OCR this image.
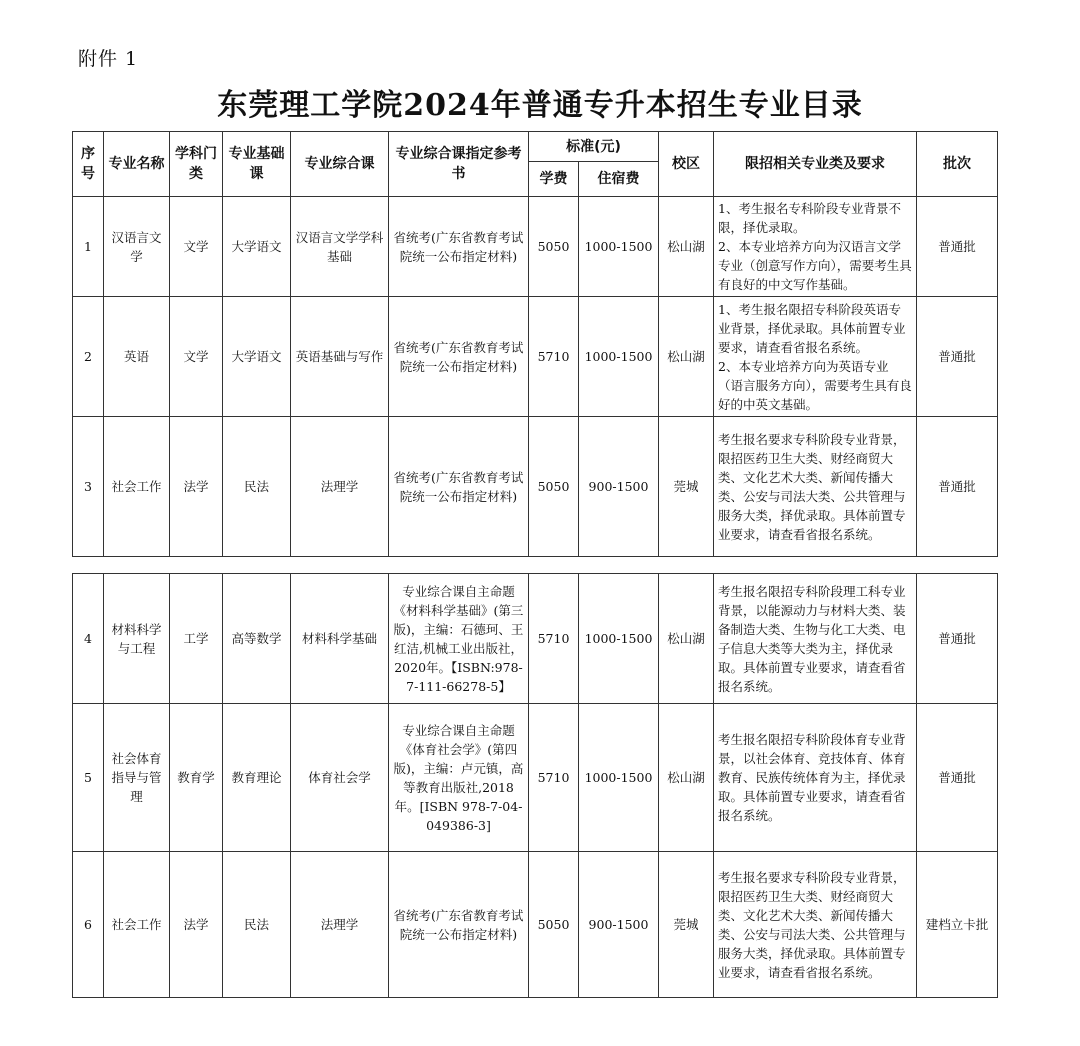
附件 1
东莞理工学院2024年普通专升本招生专业目录
序号	专业名称	学科门类	专业基础课	专业综合课	专业综合课指定参考书	标准(元)		校区	限招相关专业类及要求	批次
						学费	住宿费			
1	汉语言文学	文学	大学语文	汉语言文学学科基础	省统考(广东省教育考试院统一公布指定材料)	5050	1000-1500	松山湖	1、考生报名专科阶段专业背景不限，择优录取。
2、本专业培养方向为汉语言文学专业（创意写作方向），需要考生具有良好的中文写作基础。	普通批
2	英语	文学	大学语文	英语基础与写作	省统考(广东省教育考试院统一公布指定材料)	5710	1000-1500	松山湖	1、考生报名限招专科阶段英语专业背景，择优录取。具体前置专业要求，请查看省报名系统。
2、本专业培养方向为英语专业（语言服务方向），需要考生具有良好的中英文基础。	普通批
3	社会工作	法学	民法	法理学	省统考(广东省教育考试院统一公布指定材料)	5050	900-1500	莞城	考生报名要求专科阶段专业背景，限招医药卫生大类、财经商贸大类、文化艺术大类、新闻传播大类、公安与司法大类、公共管理与服务大类，择优录取。具体前置专业要求，请查看省报名系统。	普通批
4	材料科学与工程	工学	高等数学	材料科学基础	专业综合课自主命题《材料科学基础》(第三版)，主编：石德珂、王红洁,机械工业出版社，2020年。【ISBN:978-7-111-66278-5】	5710	1000-1500	松山湖	考生报名限招专科阶段理工科专业背景，以能源动力与材料大类、装备制造大类、生物与化工大类、电子信息大类等大类为主，择优录取。具体前置专业要求，请查看省报名系统。	普通批
5	社会体育指导与管理	教育学	教育理论	体育社会学	专业综合课自主命题《体育社会学》(第四版)，主编：卢元镇，高等教育出版社,2018年。[ISBN 978-7-04-049386-3]	5710	1000-1500	松山湖	考生报名限招专科阶段体育专业背景，以社会体育、竞技体育、体育教育、民族传统体育为主，择优录取。具体前置专业要求，请查看省报名系统。	普通批
6	社会工作	法学	民法	法理学	省统考(广东省教育考试院统一公布指定材料)	5050	900-1500	莞城	考生报名要求专科阶段专业背景，限招医药卫生大类、财经商贸大类、文化艺术大类、新闻传播大类、公安与司法大类、公共管理与服务大类，择优录取。具体前置专业要求，请查看省报名系统。	建档立卡批
